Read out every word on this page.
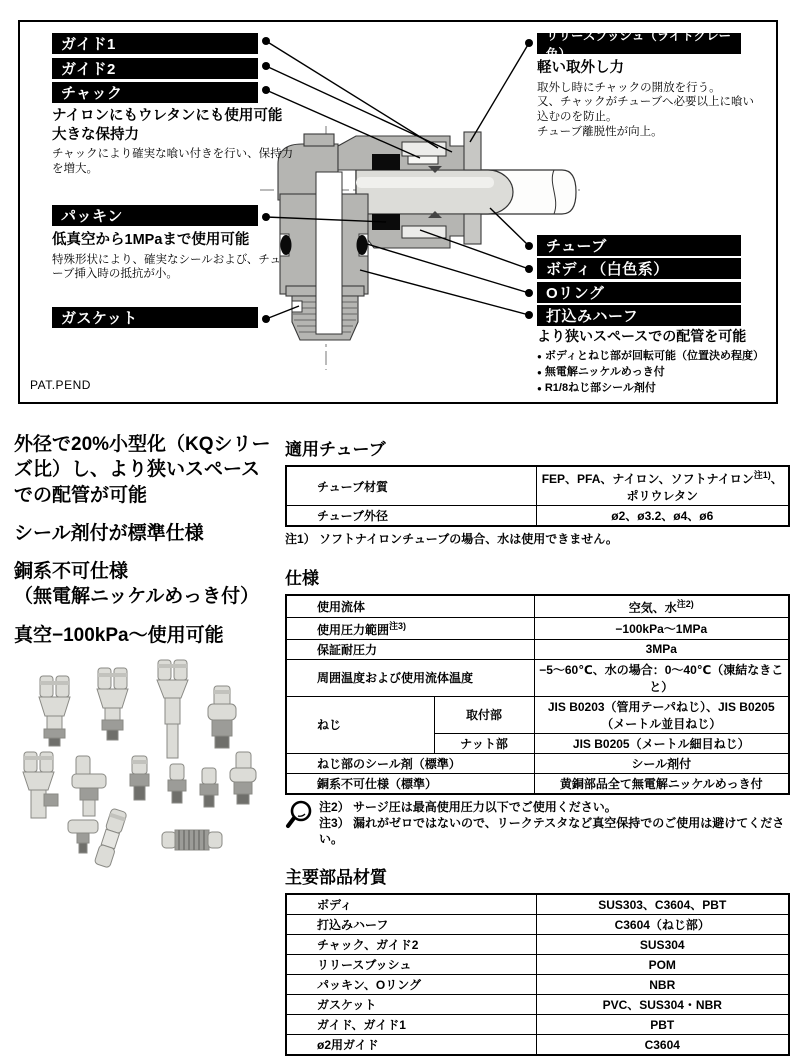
ガイド1
ガイド2
チャック
パッキン
ガスケット
リリースブッシュ（ライトグレー色）
チューブ
ボディ（白色系）
Oリング
打込みハーフ
ナイロンにもウレタンにも使用可能
大きな保持力
チャックにより確実な喰い付きを行い、保持力を増大。
低真空から1MPaまで使用可能
特殊形状により、確実なシールおよび、チューブ挿入時の抵抗が小。
軽い取外し力
取外し時にチャックの開放を行う。
又、チャックがチューブへ必要以上に喰い込むのを防止。
チューブ離脱性が向上。
より狭いスペースでの配管を可能
● ボディとねじ部が回転可能（位置決め程度）
● 無電解ニッケルめっき付
● R1/8ねじ部シール剤付
PAT.PEND

外径で20%小型化（KQシリーズ比）し、より狭いスペースでの配管が可能

シール剤付が標準仕様

銅系不可仕様

（無電解ニッケルめっき付）

真空−100kPa～使用可能

適用チューブ
チューブ材質	FEP、PFA、ナイロン、ソフトナイロン$^{注1)}$、ポリウレタン
チューブ外径	ø2、ø3.2、ø4、ø6
注1） ソフトナイロンチューブの場合、水は使用できません。
仕様
使用流体		空気、水$^{注2)}$
使用圧力範囲$^{注3)}$		−100kPa～1MPa
保証耐圧力		3MPa
周囲温度および使用流体温度		−5～60℃、水の場合：0～40℃（凍結なきこと）
ねじ	取付部	JIS B0203（管用テーパねじ）、JIS B0205（メートル並目ねじ）
	ナット部	JIS B0205（メートル細目ねじ）
ねじ部のシール剤（標準）		シール剤付
銅系不可仕様（標準）		黄銅部品全て無電解ニッケルめっき付
注2） サージ圧は最高使用圧力以下でご使用ください。
注3） 漏れがゼロではないので、リークテスタなど真空保持でのご使用は避けてください。
主要部品材質
ボディ	SUS303、C3604、PBT
打込みハーフ	C3604（ねじ部）
チャック、ガイド2	SUS304
リリースブッシュ	POM
パッキン、Oリング	NBR
ガスケット	PVC、SUS304・NBR
ガイド、ガイド1	PBT
ø2用ガイド	C3604
